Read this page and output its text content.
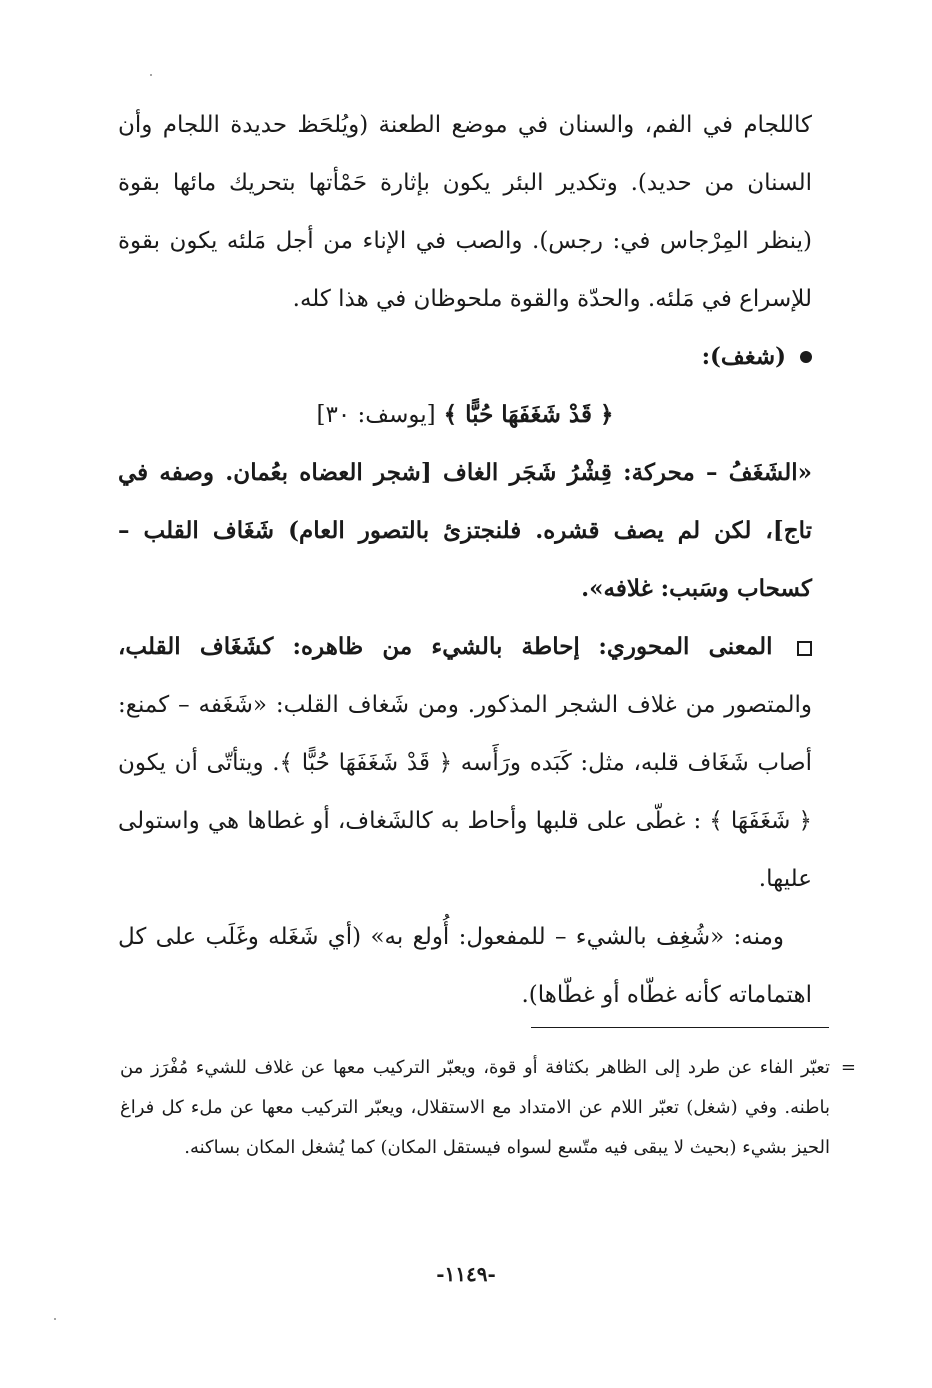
كاللجام في الفم، والسنان في موضع الطعنة (ويُلحَظ حديدة اللجام وأن السنان من حديد). وتكدير البئر يكون بإثارة حَمْأتها بتحريك مائها بقوة (ينظر المِرْجاس في: رجس). والصب في الإناء من أجل مَلئه يكون بقوة للإسراع في مَلئه. والحدّة والقوة ملحوظان في هذا كله.

(شغف):

﴿ قَدْ شَغَفَهَا حُبًّا ﴾ [يوسف: ٣٠]

«الشَغَفُ – محركة: قِشْرُ شَجَر الغاف [شجر العضاه بعُمان. وصفه في تاج]، لكن لم يصف قشره. فلنجتزئ بالتصور العام) شَغَاف القلب – كسحاب وسَبب: غلافه».

المعنى المحوري: إحاطة بالشيء من ظاهره: كشَغَاف القلب، والمتصور من غلاف الشجر المذكور. ومن شَغاف القلب: «شَغَفه – كمنع: أصاب شَغَاف قلبه، مثل: كَبَده ورَأَسه ﴿ قَدْ شَغَفَهَا حُبًّا ﴾. ويتأتّى أن يكون ﴿ شَغَفَهَا ﴾ : غطّى على قلبها وأحاط به كالشَغاف، أو غطاها هي واستولى عليها.

ومنه: «شُغِف بالشيء – للمفعول: أُولع به» (أي شَغَله وغَلَب على كل اهتماماته كأنه غطّاه أو غطّاها).

=
تعبّر الفاء عن طرد إلى الظاهر بكثافة أو قوة، ويعبّر التركيب معها عن غلاف للشيء مُفْرَز من باطنه. وفي (شغل) تعبّر اللام عن الامتداد مع الاستقلال، ويعبّر التركيب معها عن ملء كل فراغ الحيز بشيء (بحيث لا يبقى فيه متّسع لسواه فيستقل المكان) كما يُشغل المكان بساكنه.
-١١٤٩-
